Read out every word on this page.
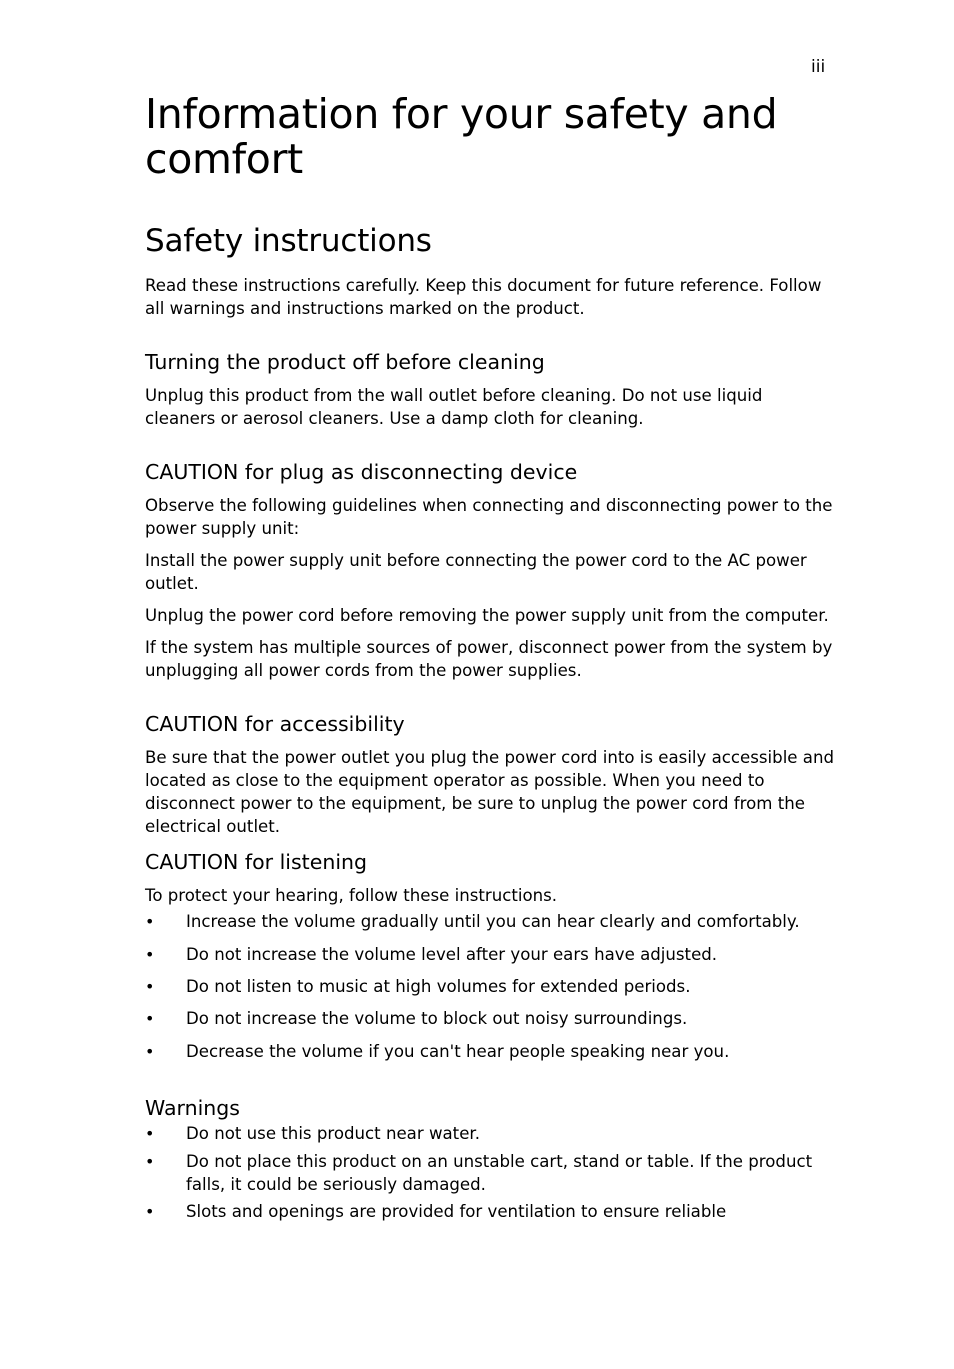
iii
Information for your safety and comfort
Safety instructions

Read these instructions carefully. Keep this document for future reference. Follow all warnings and instructions marked on the product.

Turning the product off before cleaning

Unplug this product from the wall outlet before cleaning. Do not use liquid cleaners or aerosol cleaners. Use a damp cloth for cleaning.

CAUTION for plug as disconnecting device

Observe the following guidelines when connecting and disconnecting power to the power supply unit:

Install the power supply unit before connecting the power cord to the AC power outlet.

Unplug the power cord before removing the power supply unit from the computer.

If the system has multiple sources of power, disconnect power from the system by unplugging all power cords from the power supplies.

CAUTION for accessibility

Be sure that the power outlet you plug the power cord into is easily accessible and located as close to the equipment operator as possible. When you need to disconnect power to the equipment, be sure to unplug the power cord from the electrical outlet.

CAUTION for listening

To protect your hearing, follow these instructions.

• Increase the volume gradually until you can hear clearly and comfortably.
• Do not increase the volume level after your ears have adjusted.
• Do not listen to music at high volumes for extended periods.
• Do not increase the volume to block out noisy surroundings.
• Decrease the volume if you can't hear people speaking near you.
Warnings
• Do not use this product near water.
• Do not place this product on an unstable cart, stand or table. If the product falls, it could be seriously damaged.
• Slots and openings are provided for ventilation to ensure reliable
